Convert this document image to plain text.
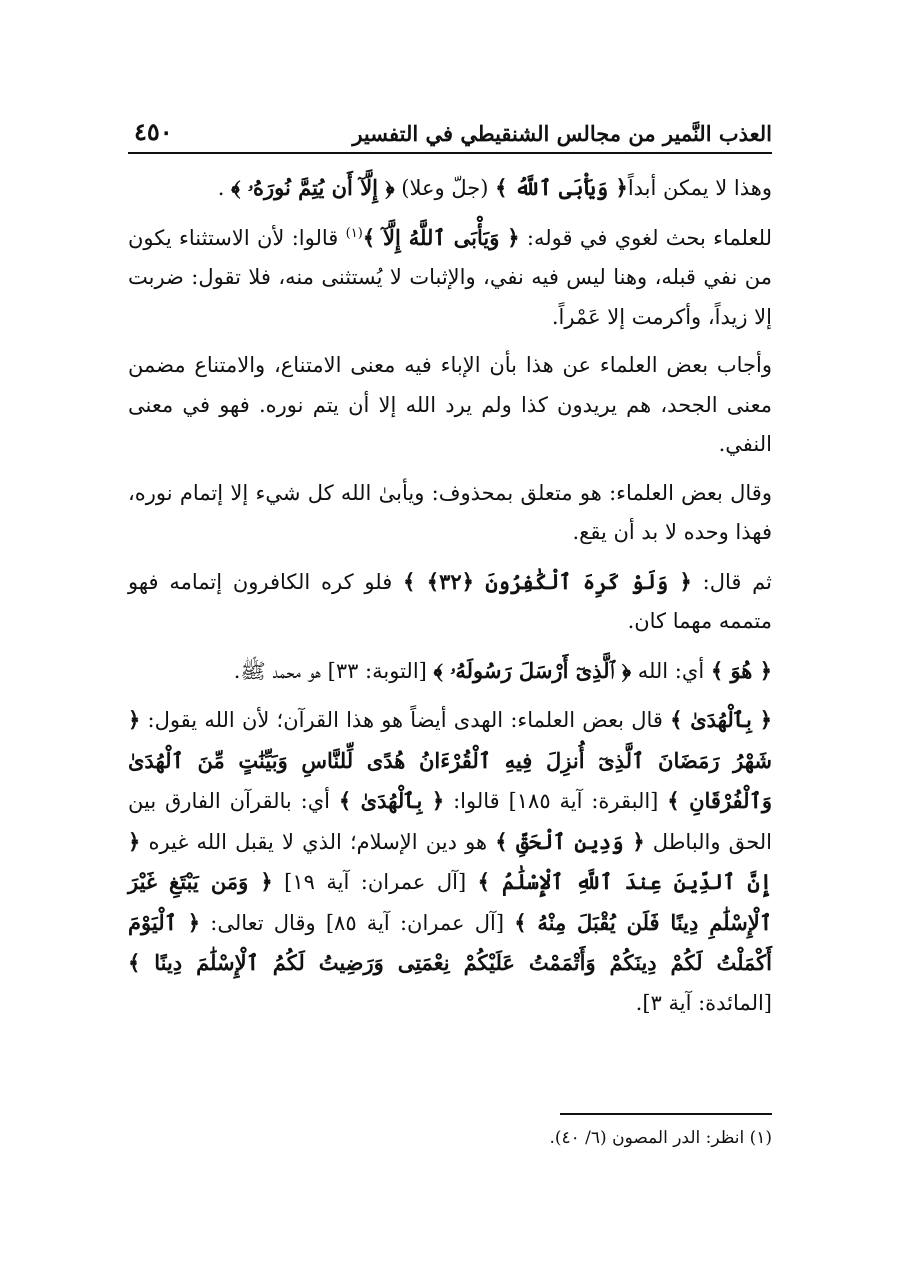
العذب النَّمير من مجالس الشنقيطي في التفسير
٤٥٠

وهذا لا يمكن أبداً﴿ وَيَأْبَى ٱللَّهُ ﴾ (جلّ وعلا) ﴿ إِلَّآ أَن يُتِمَّ نُورَهُۥ ﴾ .

للعلماء بحث لغوي في قوله: ﴿ وَيَأْبَى ٱللَّهُ إِلَّآ ﴾$^{(١)}$ قالوا: لأن الاستثناء يكون من نفي قبله، وهنا ليس فيه نفي، والإثبات لا يُستثنى منه، فلا تقول: ضربت إلا زيداً، وأكرمت إلا عَمْراً.

وأجاب بعض العلماء عن هذا بأن الإباء فيه معنى الامتناع، والامتناع مضمن معنى الجحد، هم يريدون كذا ولم يرد الله إلا أن يتم نوره. فهو في معنى النفي.

وقال بعض العلماء: هو متعلق بمحذوف: ويأبىٰ الله كل شيء إلا إتمام نوره، فهذا وحده لا بد أن يقع.

ثم قال: ﴿ وَلَوْ كَرِهَ ٱلْكَٰفِرُونَ ﴿٣٢﴾ ﴾ فلو كره الكافرون إتمامه فهو متممه مهما كان.

﴿ هُوَ ﴾ أي: الله ﴿ ٱلَّذِىٓ أَرْسَلَ رَسُولَهُۥ ﴾ [التوبة: ٣٣] هو محمد ﷺ.

﴿ بِٱلْهُدَىٰ ﴾ قال بعض العلماء: الهدى أيضاً هو هذا القرآن؛ لأن الله يقول: ﴿ شَهْرُ رَمَضَانَ ٱلَّذِىٓ أُنزِلَ فِيهِ ٱلْقُرْءَانُ هُدًى لِّلنَّاسِ وَبَيِّنَٰتٍ مِّنَ ٱلْهُدَىٰ وَٱلْفُرْقَانِ ﴾ [البقرة: آية ١٨٥] قالوا: ﴿ بِٱلْهُدَىٰ ﴾ أي: بالقرآن الفارق بين الحق والباطل ﴿ وَدِينِ ٱلْحَقِّ ﴾ هو دين الإسلام؛ الذي لا يقبل الله غيره ﴿ إِنَّ ٱلدِّينَ عِندَ ٱللَّهِ ٱلْإِسْلَٰمُ ﴾ [آل عمران: آية ١٩] ﴿ وَمَن يَبْتَغِ غَيْرَ ٱلْإِسْلَٰمِ دِينًا فَلَن يُقْبَلَ مِنْهُ ﴾ [آل عمران: آية ٨٥] وقال تعالى: ﴿ ٱلْيَوْمَ أَكْمَلْتُ لَكُمْ دِينَكُمْ وَأَتْمَمْتُ عَلَيْكُمْ نِعْمَتِى وَرَضِيتُ لَكُمُ ٱلْإِسْلَٰمَ دِينًا ﴾ [المائدة: آية ٣].

(١) انظر: الدر المصون (٦/ ٤٠).
